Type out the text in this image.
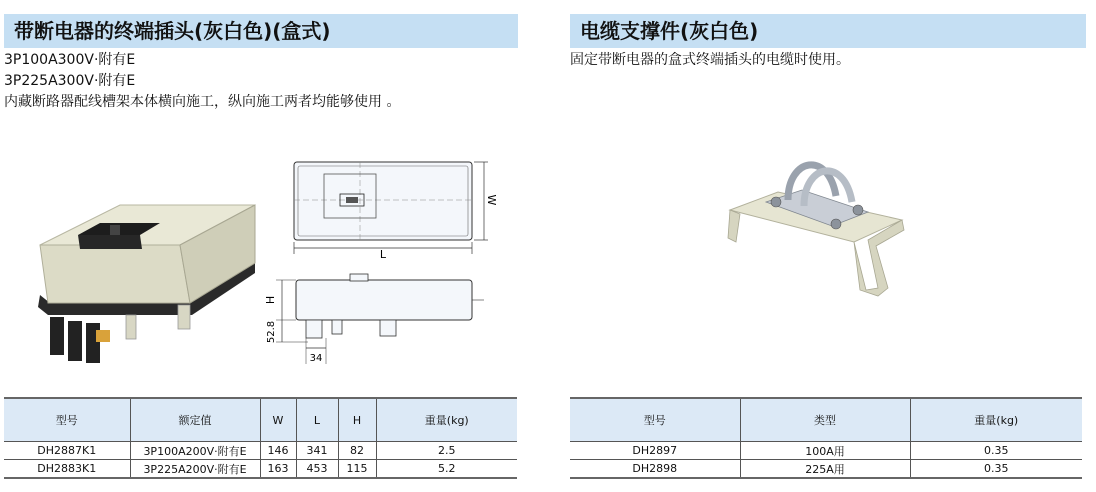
带断电器的终端插头(灰白色)(盒式)
3P100A300V·附有E
3P225A300V·附有E
内藏断路器配线槽架本体横向施工，纵向施工两者均能够使用 。
W
L
H
52.8
34
型号	额定值	W	L	H	重量(kg)
DH2887K1	3P100A200V·附有E	146	341	82	2.5
DH2883K1	3P225A200V·附有E	163	453	115	5.2
电缆支撑件(灰白色)
固定带断电器的盒式终端插头的电缆时使用。
型号	类型	重量(kg)
DH2897	100A用	0.35
DH2898	225A用	0.35
